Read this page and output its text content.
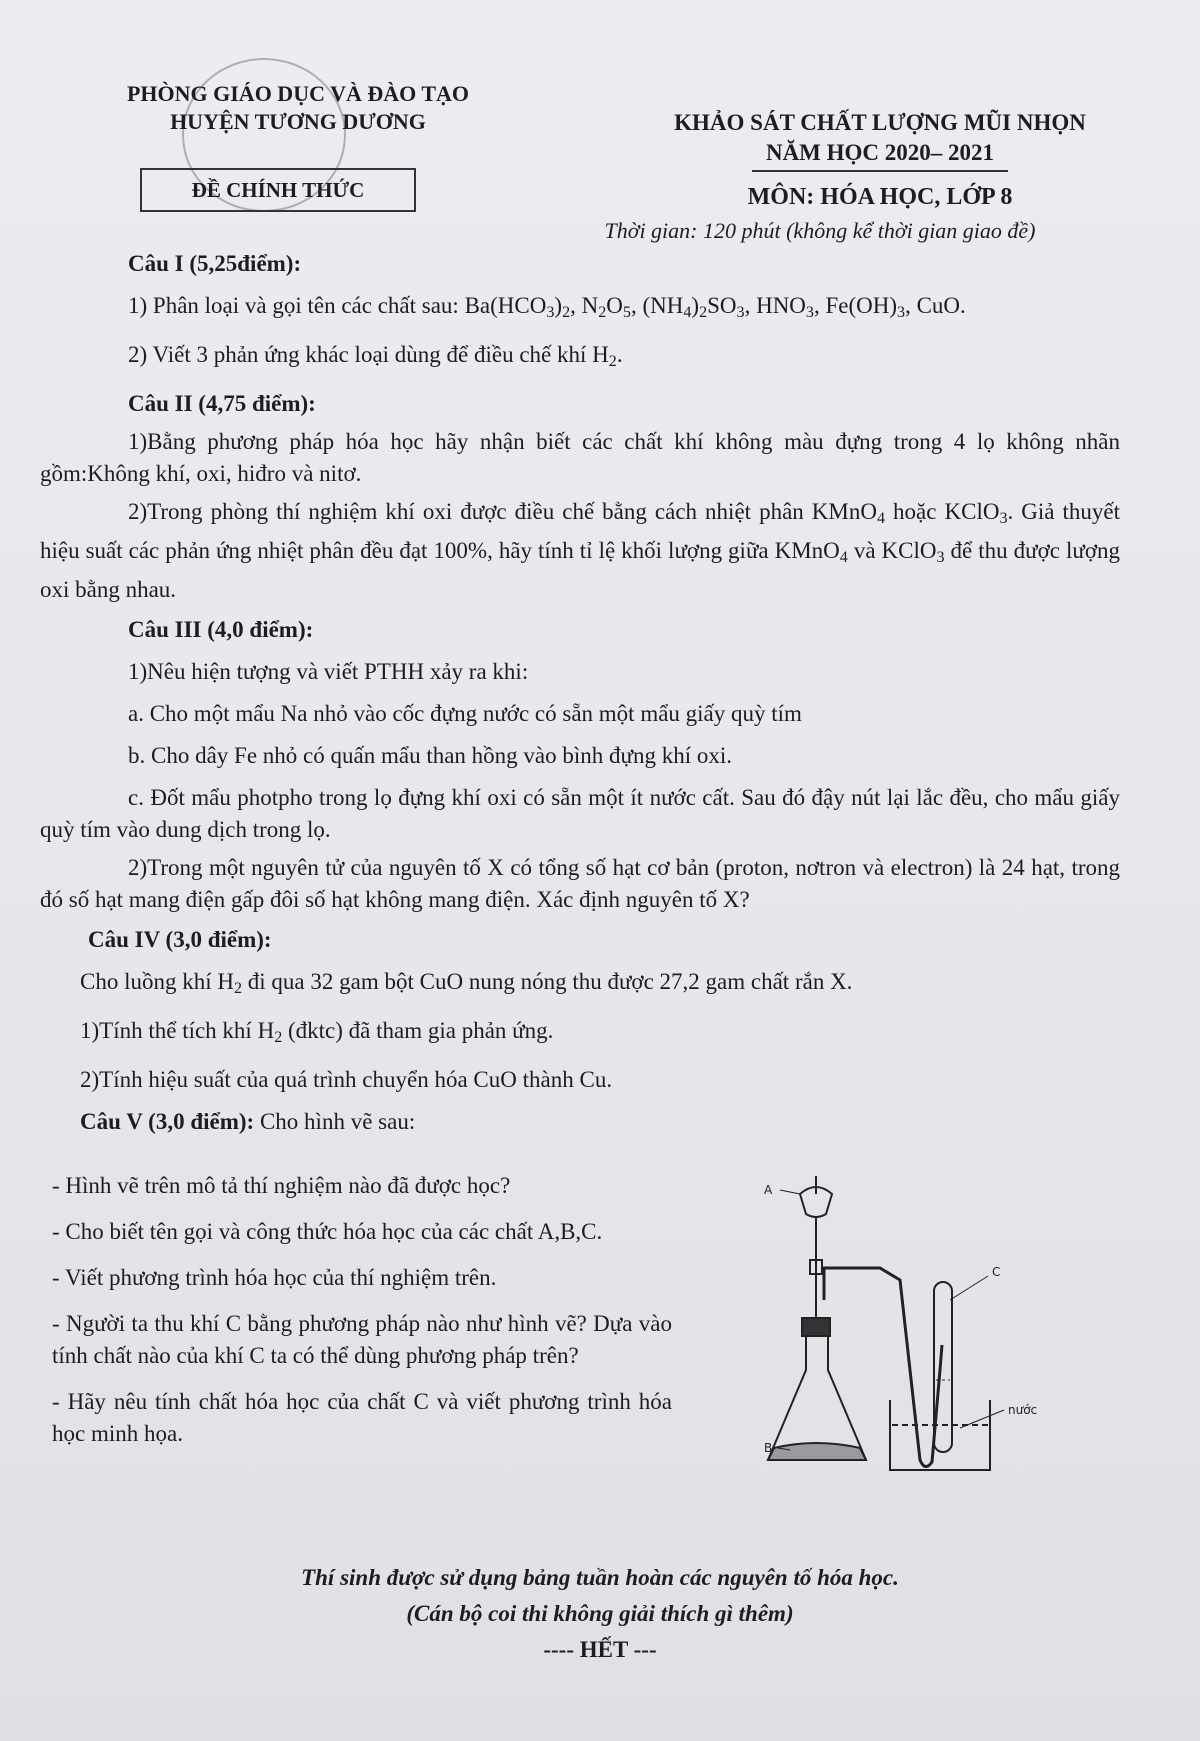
PHÒNG GIÁO DỤC VÀ ĐÀO TẠO
HUYỆN TƯƠNG DƯƠNG
ĐỀ CHÍNH THỨC
KHẢO SÁT CHẤT LƯỢNG MŨI NHỌN
NĂM HỌC 2020– 2021
MÔN: HÓA HỌC, LỚP 8
Thời gian: 120 phút (không kể thời gian giao đề)
Câu I (5,25điểm):
1) Phân loại và gọi tên các chất sau: $Ba(HCO_3)_2$, $N_2O_5$, $(NH_4)_2SO_3$, $HNO_3$, $Fe(OH)_3$, CuO.
2) Viết 3 phản ứng khác loại dùng để điều chế khí $H_2$.
Câu II (4,75 điểm):
1)Bằng phương pháp hóa học hãy nhận biết các chất khí không màu đựng trong 4 lọ không nhãn gồm:Không khí, oxi, hiđro và nitơ.
2)Trong phòng thí nghiệm khí oxi được điều chế bằng cách nhiệt phân KMnO$_4$ hoặc KClO$_3$. Giả thuyết hiệu suất các phản ứng nhiệt phân đều đạt 100%, hãy tính tỉ lệ khối lượng giữa KMnO$_4$ và KClO$_3$ để thu được lượng oxi bằng nhau.
Câu III (4,0 điểm):
1)Nêu hiện tượng và viết PTHH xảy ra khi:
a. Cho một mẩu Na nhỏ vào cốc đựng nước có sẵn một mẩu giấy quỳ tím
b. Cho dây Fe nhỏ có quấn mẩu than hồng vào bình đựng khí oxi.
c. Đốt mẩu photpho trong lọ đựng khí oxi có sẵn một ít nước cất. Sau đó đậy nút lại lắc đều, cho mẩu giấy quỳ tím vào dung dịch trong lọ.
2)Trong một nguyên tử của nguyên tố X có tổng số hạt cơ bản (proton, nơtron và electron) là 24 hạt, trong đó số hạt mang điện gấp đôi số hạt không mang điện. Xác định nguyên tố X?
Câu IV (3,0 điểm):
Cho luồng khí $H_2$ đi qua 32 gam bột CuO nung nóng thu được 27,2 gam chất rắn X.
1)Tính thể tích khí $H_2$ (đktc) đã tham gia phản ứng.
2)Tính hiệu suất của quá trình chuyển hóa CuO thành Cu.
Câu V (3,0 điểm): Cho hình vẽ sau:
- Hình vẽ trên mô tả thí nghiệm nào đã được học?
- Cho biết tên gọi và công thức hóa học của các chất A,B,C.
- Viết phương trình hóa học của thí nghiệm trên.
- Người ta thu khí C bằng phương pháp nào như hình vẽ? Dựa vào tính chất nào của khí C ta có thể dùng phương pháp trên?
- Hãy nêu tính chất hóa học của chất C và viết phương trình hóa học minh họa.
A
B
C
nước
Thí sinh được sử dụng bảng tuần hoàn các nguyên tố hóa học.
(Cán bộ coi thi không giải thích gì thêm)
---- HẾT ---
